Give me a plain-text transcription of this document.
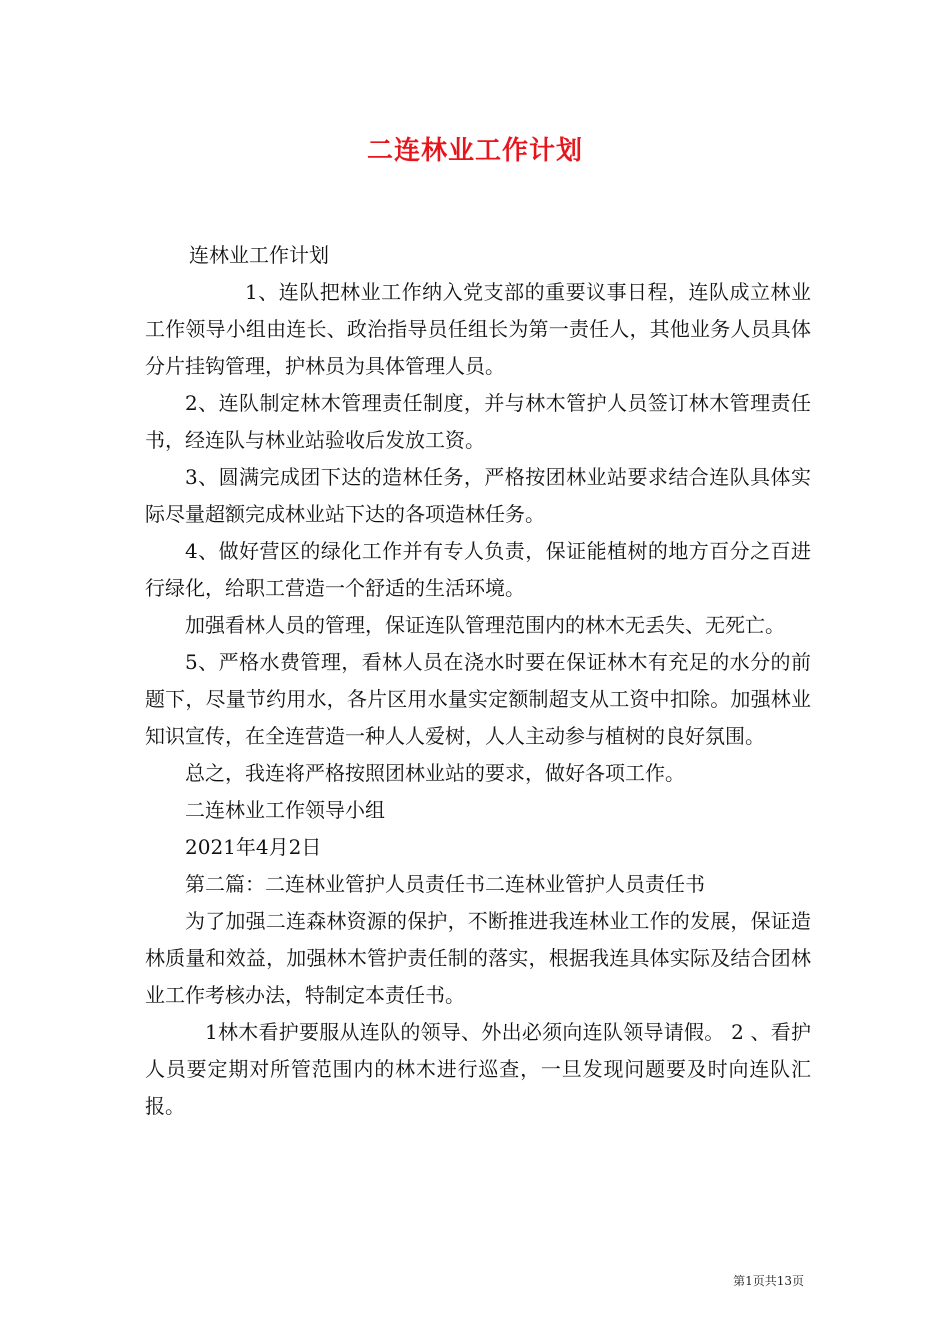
二连林业工作计划

连林业工作计划

1、连队把林业工作纳入党支部的重要议事日程，连队成立林业工作领导小组由连长、政治指导员任组长为第一责任人，其他业务人员具体分片挂钩管理，护林员为具体管理人员。

2、连队制定林木管理责任制度，并与林木管护人员签订林木管理责任书，经连队与林业站验收后发放工资。

3、圆满完成团下达的造林任务，严格按团林业站要求结合连队具体实际尽量超额完成林业站下达的各项造林任务。

4、做好营区的绿化工作并有专人负责，保证能植树的地方百分之百进行绿化，给职工营造一个舒适的生活环境。

加强看林人员的管理，保证连队管理范围内的林木无丢失、无死亡。

5、严格水费管理，看林人员在浇水时要在保证林木有充足的水分的前题下，尽量节约用水，各片区用水量实定额制超支从工资中扣除。加强林业知识宣传，在全连营造一种人人爱树，人人主动参与植树的良好氛围。

总之，我连将严格按照团林业站的要求，做好各项工作。

二连林业工作领导小组

2021年4月2日

第二篇：二连林业管护人员责任书二连林业管护人员责任书

为了加强二连森林资源的保护，不断推进我连林业工作的发展，保证造林质量和效益，加强林木管护责任制的落实，根据我连具体实际及结合团林业工作考核办法，特制定本责任书。

1林木看护要服从连队的领导、外出必须向连队领导请假。 2 、看护人员要定期对所管范围内的林木进行巡查，一旦发现问题要及时向连队汇报。

第1页共13页
